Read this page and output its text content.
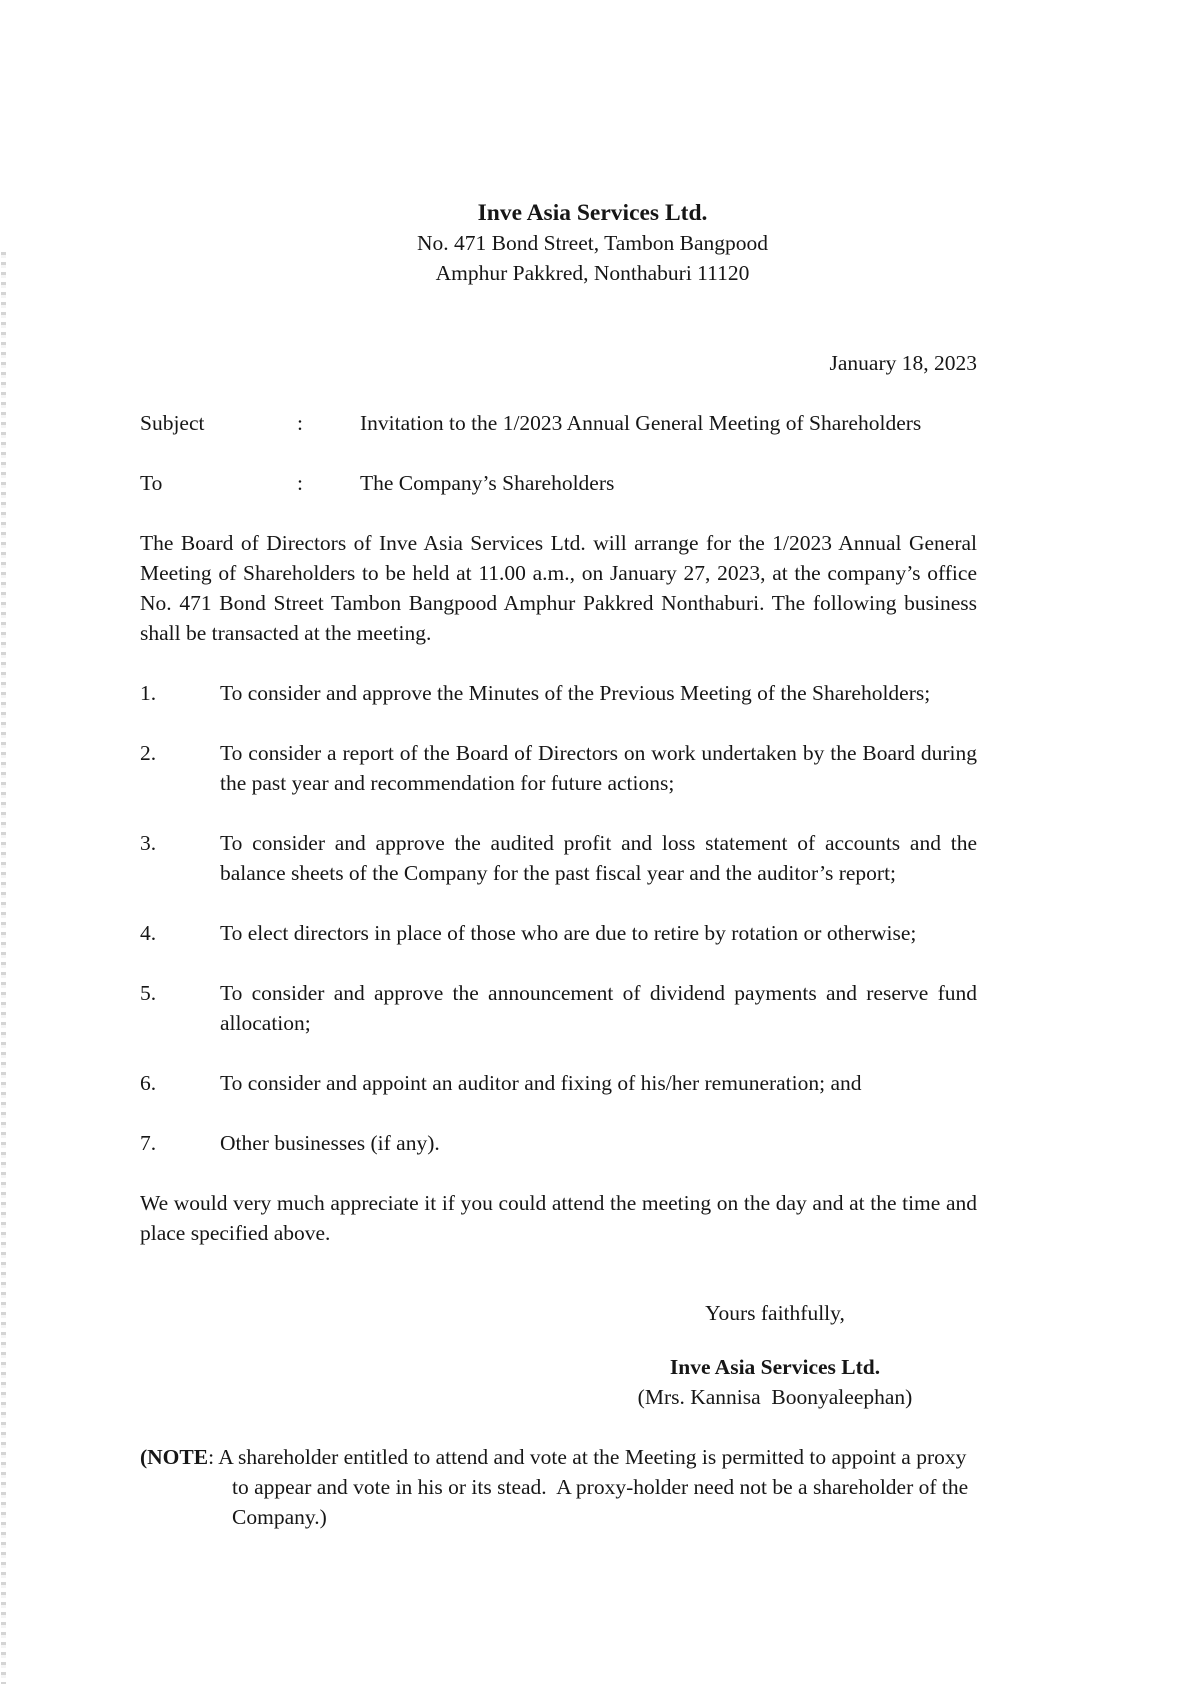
Inve Asia Services Ltd.
No. 471 Bond Street, Tambon Bangpood
Amphur Pakkred, Nonthaburi 11120
January 18, 2023
Subject	:	Invitation to the 1/2023 Annual General Meeting of Shareholders
To	:	The Company’s Shareholders
The Board of Directors of Inve Asia Services Ltd. will arrange for the 1/2023 Annual General Meeting of Shareholders to be held at 11.00 a.m., on January 27, 2023, at the company’s office No. 471 Bond Street Tambon Bangpood Amphur Pakkred Nonthaburi. The following business shall be transacted at the meeting.
1.	To consider and approve the Minutes of the Previous Meeting of the Shareholders;
2.	To consider a report of the Board of Directors on work undertaken by the Board during the past year and recommendation for future actions;
3.	To consider and approve the audited profit and loss statement of accounts and the balance sheets of the Company for the past fiscal year and the auditor’s report;
4.	To elect directors in place of those who are due to retire by rotation or otherwise;
5.	To consider and approve the announcement of dividend payments and reserve fund allocation;
6.	To consider and appoint an auditor and fixing of his/her remuneration; and
7.	Other businesses (if any).
We would very much appreciate it if you could attend the meeting on the day and at the time and place specified above.
Yours faithfully,
Inve Asia Services Ltd.
(Mrs. Kannisa  Boonyaleephan)
(NOTE: A shareholder entitled to attend and vote at the Meeting is permitted to appoint a proxy to appear and vote in his or its stead.  A proxy-holder need not be a shareholder of the Company.)
